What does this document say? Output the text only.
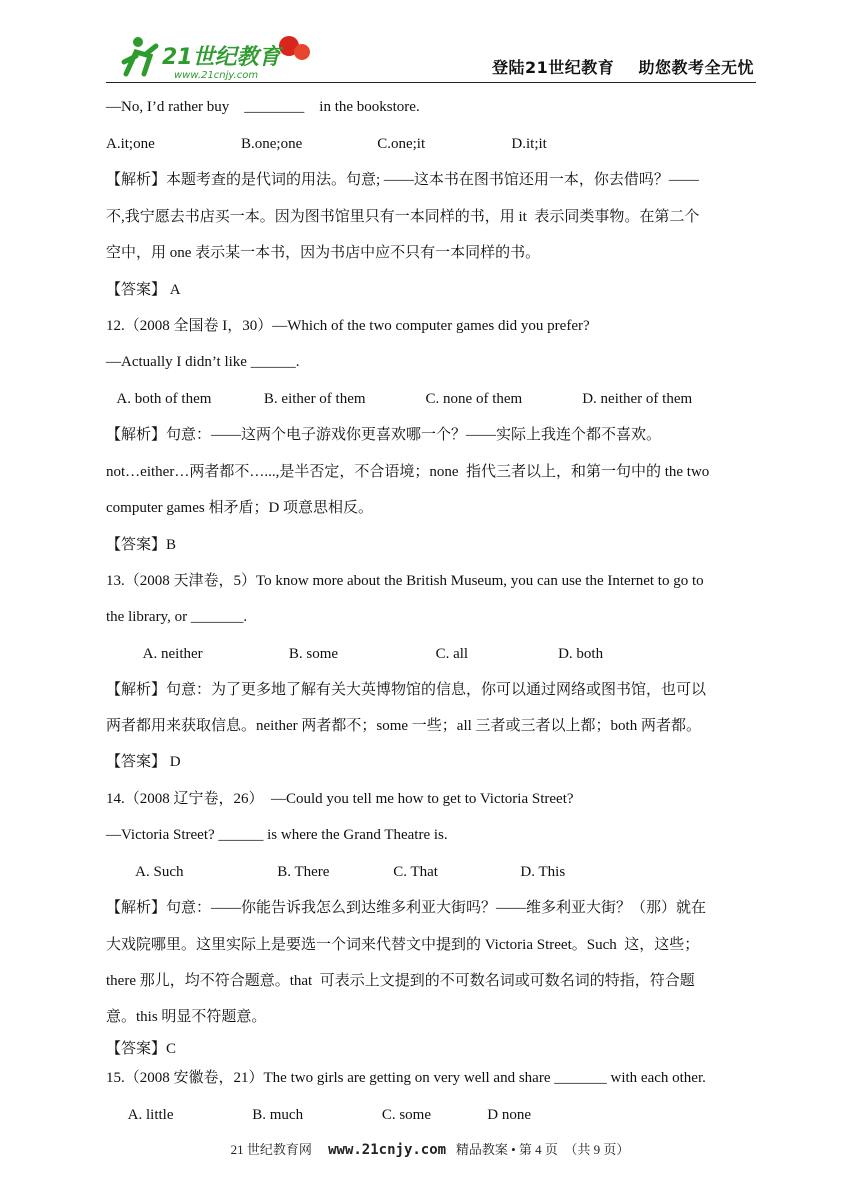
21世纪教育
www.21cnjy.com	登陆21世纪教育    助您教考全无忧
—No, I’d rather buy    ________    in the bookstore.
A.it;one                       B.one;one                    C.one;it                       D.it;it
【解析】本题考查的是代词的用法。句意; ——这本书在图书馆还用一本，你去借吗？——
不,我宁愿去书店买一本。因为图书馆里只有一本同样的书，用 it  表示同类事物。在第二个
空中，用 one 表示某一本书，因为书店中应不只有一本同样的书。
【答案】 A
12.（2008 全国卷 I，30）—Which of the two computer games did you prefer?
—Actually I didn’t like ______.
A. both of them              B. either of them                C. none of them                D. neither of them
【解析】句意：——这两个电子游戏你更喜欢哪一个？——实际上我连个都不喜欢。
not…either…两者都不…...,是半否定，不合语境；none  指代三者以上，和第一句中的 the two
computer games 相矛盾；D 项意思相反。
【答案】B
13.（2008 天津卷，5）To know more about the British Museum, you can use the Internet to go to
the library, or _______.
A. neither                       B. some                          C. all                        D. both
【解析】句意：为了更多地了解有关大英博物馆的信息，你可以通过网络或图书馆，也可以
两者都用来获取信息。neither 两者都不；some 一些；all 三者或三者以上都；both 两者都。
【答案】 D
14.（2008 辽宁卷，26）  —Could you tell me how to get to Victoria Street?
—Victoria Street? ______ is where the Grand Theatre is.
A. Such                         B. There                 C. That                      D. This
【解析】句意：——你能告诉我怎么到达维多利亚大街吗？——维多利亚大街？（那）就在
大戏院哪里。这里实际上是要选一个词来代替文中提到的 Victoria Street。Such  这，这些；
there 那儿，均不符合题意。that  可表示上文提到的不可数名词或可数名词的特指，符合题
意。this 明显不符题意。
【答案】C
15.（2008 安徽卷，21）The two girls are getting on very well and share _______ with each other.
A. little                     B. much                     C. some               D none
21 世纪教育网 www.21cnjy.com 精品教案 • 第 4 页  （共 9 页）
